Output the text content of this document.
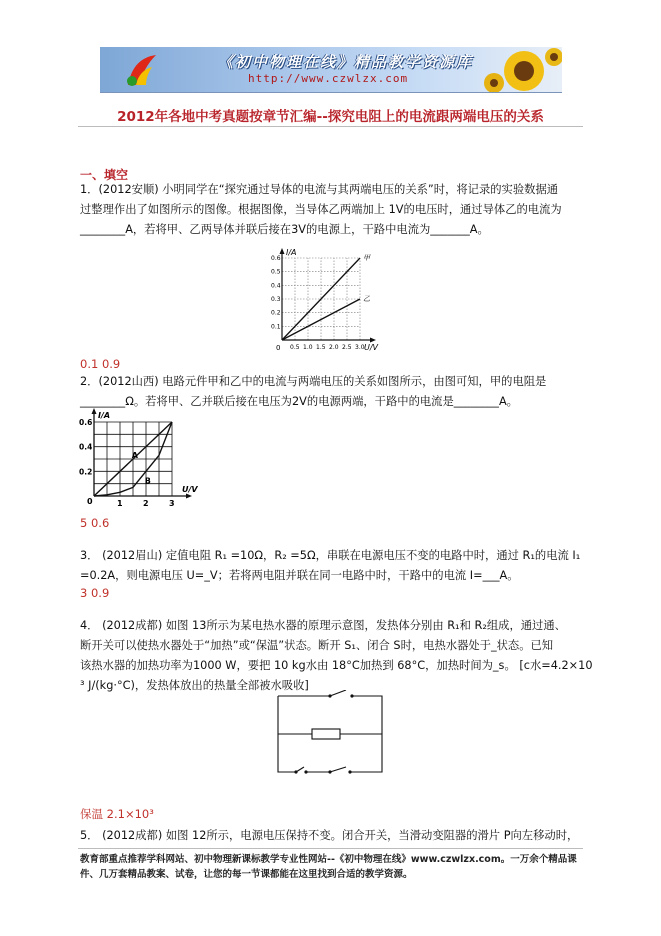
《初中物理在线》精品教学资源库
http://www.czwlzx.com
2012年各地中考真题按章节汇编--探究电阻上的电流跟两端电压的关系
一、填空
1．(2012安顺) 小明同学在“探究通过导体的电流与其两端电压的关系”时，将记录的实验数据通
过整理作出了如图所示的图像。根据图像，当导体乙两端加上 1V的电压时，通过导体乙的电流为
________A，若将甲、乙两导体并联后接在3V的电源上，干路中电流为_______A。
I/A
U/V
0 0.5 1.0 1.5 2.0 2.5 3.0
0.6
0.5
0.4
0.3
0.2
0.1
甲
乙
0.1 0.9
2．(2012山西) 电路元件甲和乙中的电流与两端电压的关系如图所示，由图可知，甲的电阻是
________Ω。若将甲、乙并联后接在电压为2V的电源两端，干路中的电流是________A。
I/A
U/V
0	1	2	3
0.6
0.4
0.2
A
B
5 0.6
3． (2012眉山) 定值电阻 R₁ =10Ω，R₂ =5Ω，串联在电源电压不变的电路中时，通过 R₁的电流 I₁
=0.2A，则电源电压 U=_V；若将两电阻并联在同一电路中时，干路中的电流 I=___A。
3 0.9
4． (2012成都) 如图 13所示为某电热水器的原理示意图，发热体分别由 R₁和 R₂组成，通过通、
断开关可以使热水器处于“加热”或“保温”状态。断开 S₁、闭合 S时，电热水器处于_状态。已知
该热水器的加热功率为1000 W，要把 10 kg水由 18°C加热到 68°C，加热时间为_s。 [c水=4.2×10
³ J/(kg·°C)，发热体放出的热量全部被水吸收]
保温 2.1×10³
5． (2012成都) 如图 12所示，电源电压保持不变。闭合开关，当滑动变阻器的滑片 P向左移动时，
教育部重点推荐学科网站、初中物理新课标教学专业性网站--《初中物理在线》www.czwlzx.com。一万余个精品课
件、几万套精品教案、试卷，让您的每一节课都能在这里找到合适的教学资源。
